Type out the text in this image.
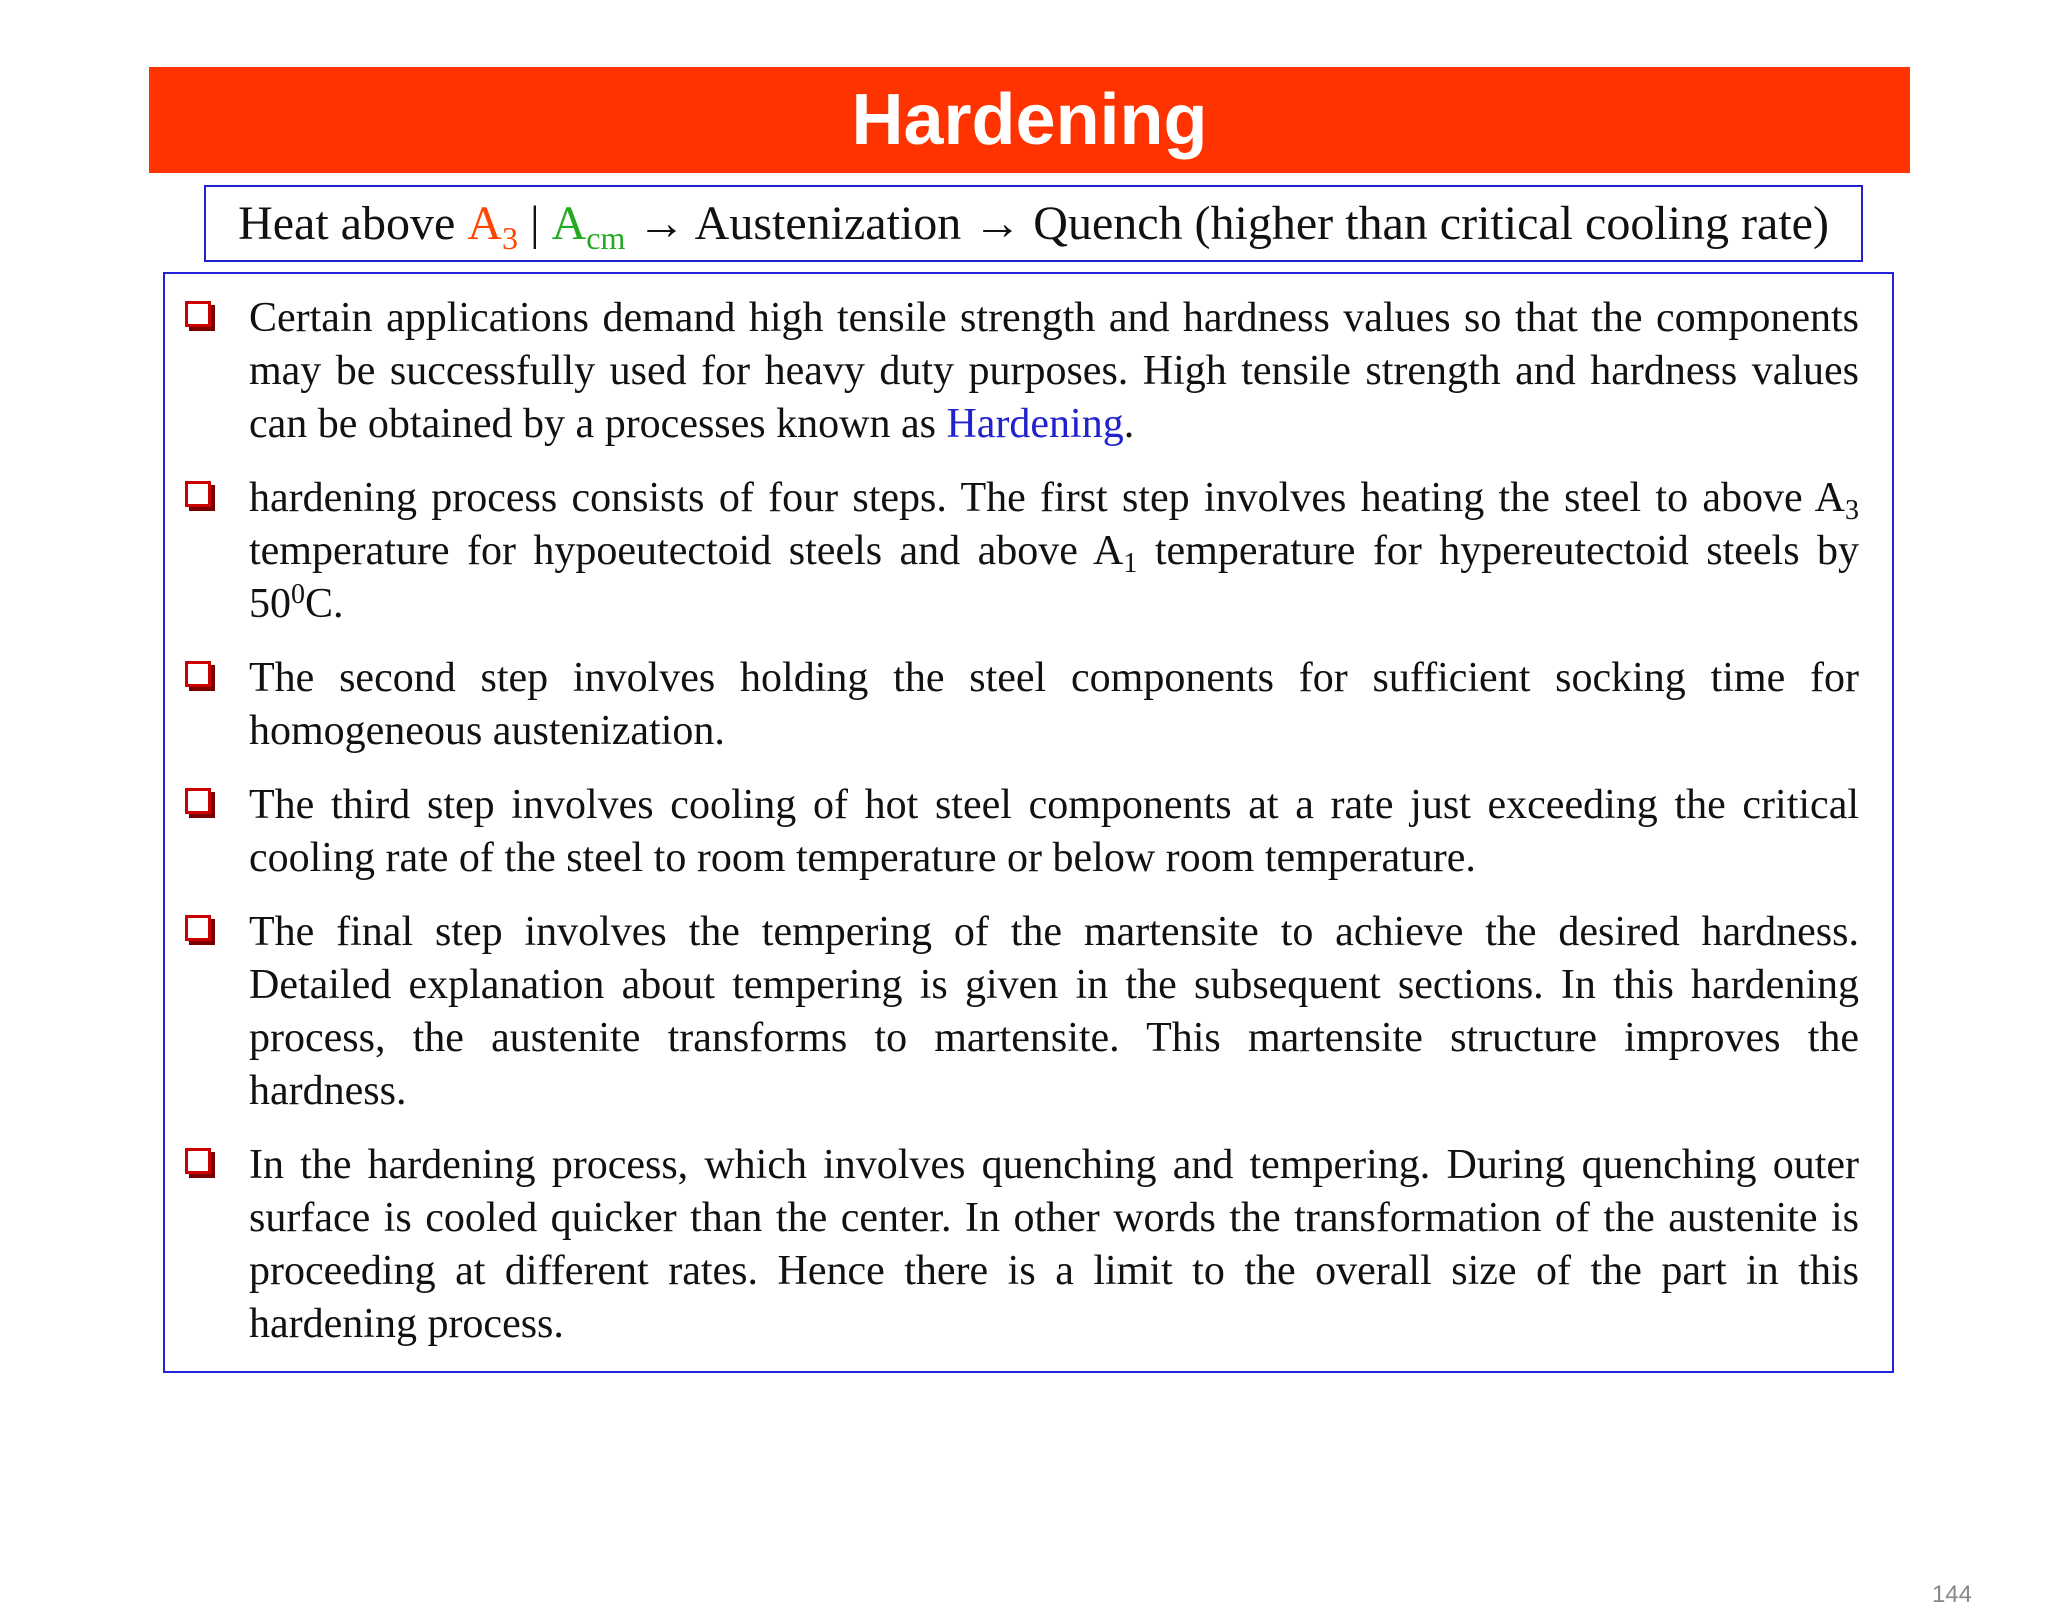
Hardening
Heat above $A_3$ | $A_{cm}$ → Austenization → Quench (higher than critical cooling rate)
Certain applications demand high tensile strength and hardness values so that the components may be successfully used for heavy duty purposes. High tensile strength and hardness values can be obtained by a processes known as Hardening.
hardening process consists of four steps. The first step involves heating the steel to above $A_3$ temperature for hypoeutectoid steels and above $A_1$ temperature for hypereutectoid steels by $50^0C$.
The second step involves holding the steel components for sufficient socking time for homogeneous austenization.
The third step involves cooling of hot steel components at a rate just exceeding the critical cooling rate of the steel to room temperature or below room temperature.
The final step involves the tempering of the martensite to achieve the desired hardness. Detailed explanation about tempering is given in the subsequent sections. In this hardening process, the austenite transforms to martensite. This martensite structure improves the hardness.
In the hardening process, which involves quenching and tempering. During quenching outer surface is cooled quicker than the center. In other words the transformation of the austenite is proceeding at different rates. Hence there is a limit to the overall size of the part in this hardening process.
144
